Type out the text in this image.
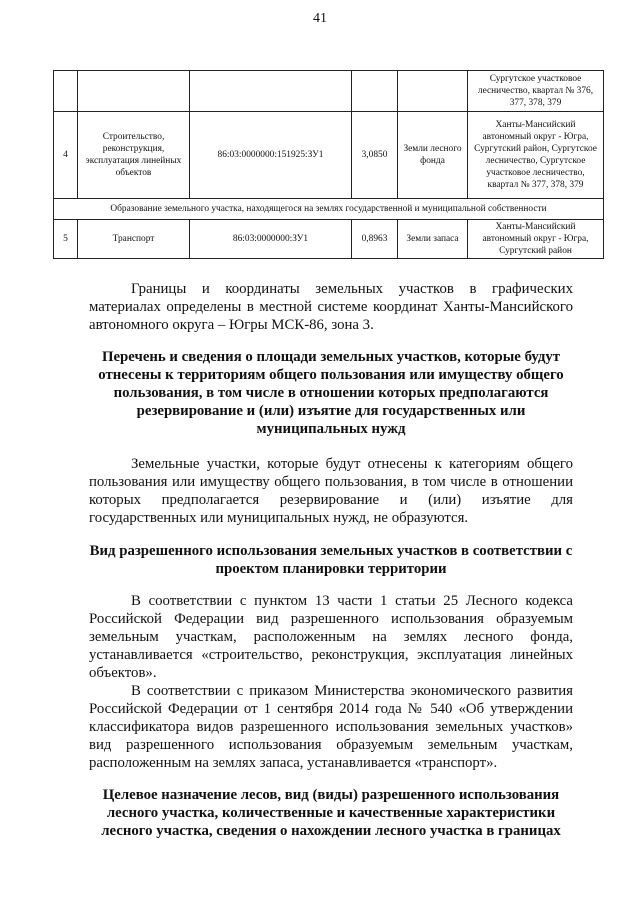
41
					Сургутское участковое лесничество, квартал № 376, 377, 378, 379
4	Строительство, реконструкция, эксплуатация линейных объектов	86:03:0000000:151925:ЗУ1	3,0850	Земли лесного фонда	Ханты-Мансийский автономный округ - Югра, Сургутский район, Сургутское лесничество, Сургутское участковое лесничество, квартал № 377, 378, 379
Образование земельного участка, находящегося на землях государственной и муниципальной собственности					
5	Транспорт	86:03:0000000:ЗУ1	0,8963	Земли запаса	Ханты-Мансийский автономный округ - Югра, Сургутский район

Границы и координаты земельных участков в графических материалах определены в местной системе координат Ханты-Мансийского автономного округа – Югры МСК-86, зона 3.

Перечень и сведения о площади земельных участков, которые будут отнесены к территориям общего пользования или имуществу общего пользования, в том числе в отношении которых предполагаются резервирование и (или) изъятие для государственных или муниципальных нужд

Земельные участки, которые будут отнесены к категориям общего пользования или имуществу общего пользования, в том числе в отношении которых предполагается резервирование и (или) изъятие для государственных или муниципальных нужд, не образуются.

Вид разрешенного использования земельных участков в соответствии с проектом планировки территории

В соответствии с пунктом 13 части 1 статьи 25 Лесного кодекса Российской Федерации вид разрешенного использования образуемым земельным участкам, расположенным на землях лесного фонда, устанавливается «строительство, реконструкция, эксплуатация линейных объектов».

В соответствии с приказом Министерства экономического развития Российской Федерации от 1 сентября 2014 года № 540 «Об утверждении классификатора видов разрешенного использования земельных участков» вид разрешенного использования образуемым земельным участкам, расположенным на землях запаса, устанавливается «транспорт».

Целевое назначение лесов, вид (виды) разрешенного использования лесного участка, количественные и качественные характеристики лесного участка, сведения о нахождении лесного участка в границах
